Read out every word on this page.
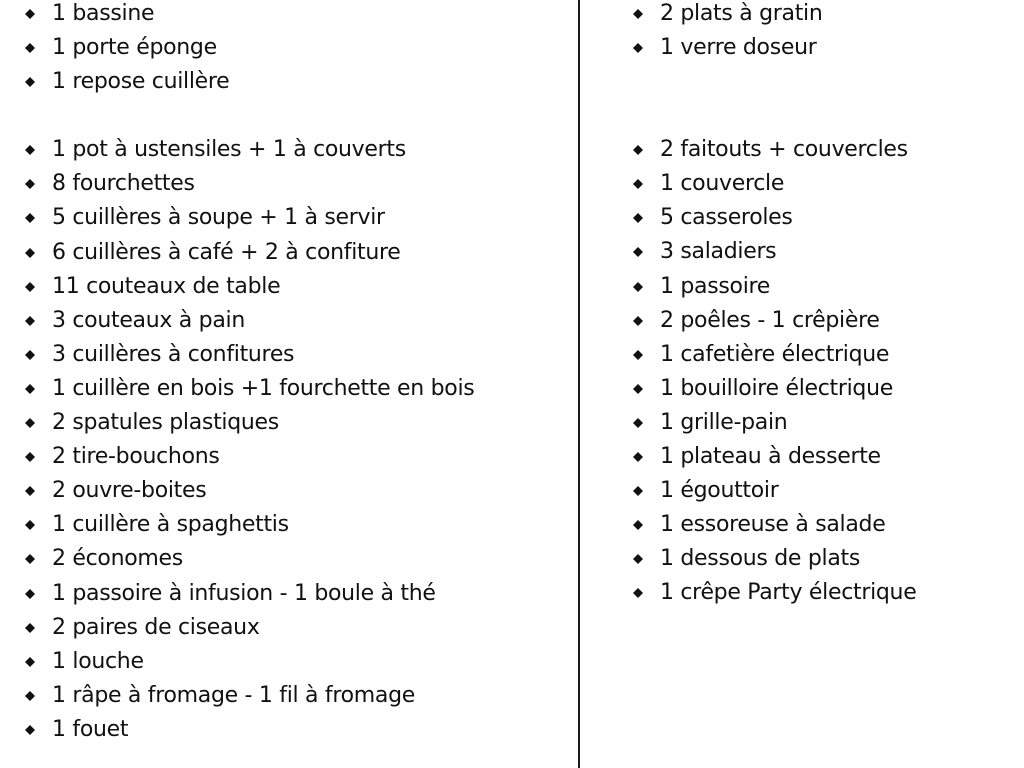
1 bassine
1 porte éponge
1 repose cuillère
1 pot à ustensiles + 1 à couverts
8 fourchettes
5 cuillères à soupe + 1 à servir
6 cuillères à café + 2 à confiture
11 couteaux de table
3 couteaux à pain
3 cuillères à confitures
1 cuillère en bois +1 fourchette en bois
2 spatules plastiques
2 tire-bouchons
2 ouvre-boites
1 cuillère à spaghettis
2 économes
1 passoire à infusion - 1 boule à thé
2 paires de ciseaux
1 louche
1 râpe à fromage - 1 fil à fromage
1 fouet
2 plats à gratin
1 verre doseur
2 faitouts + couvercles
1 couvercle
5 casseroles
3 saladiers
1 passoire
2 poêles - 1 crêpière
1 cafetière électrique
1 bouilloire électrique
1 grille-pain
1 plateau à desserte
1 égouttoir
1 essoreuse à salade
1 dessous de plats
1 crêpe Party électrique
